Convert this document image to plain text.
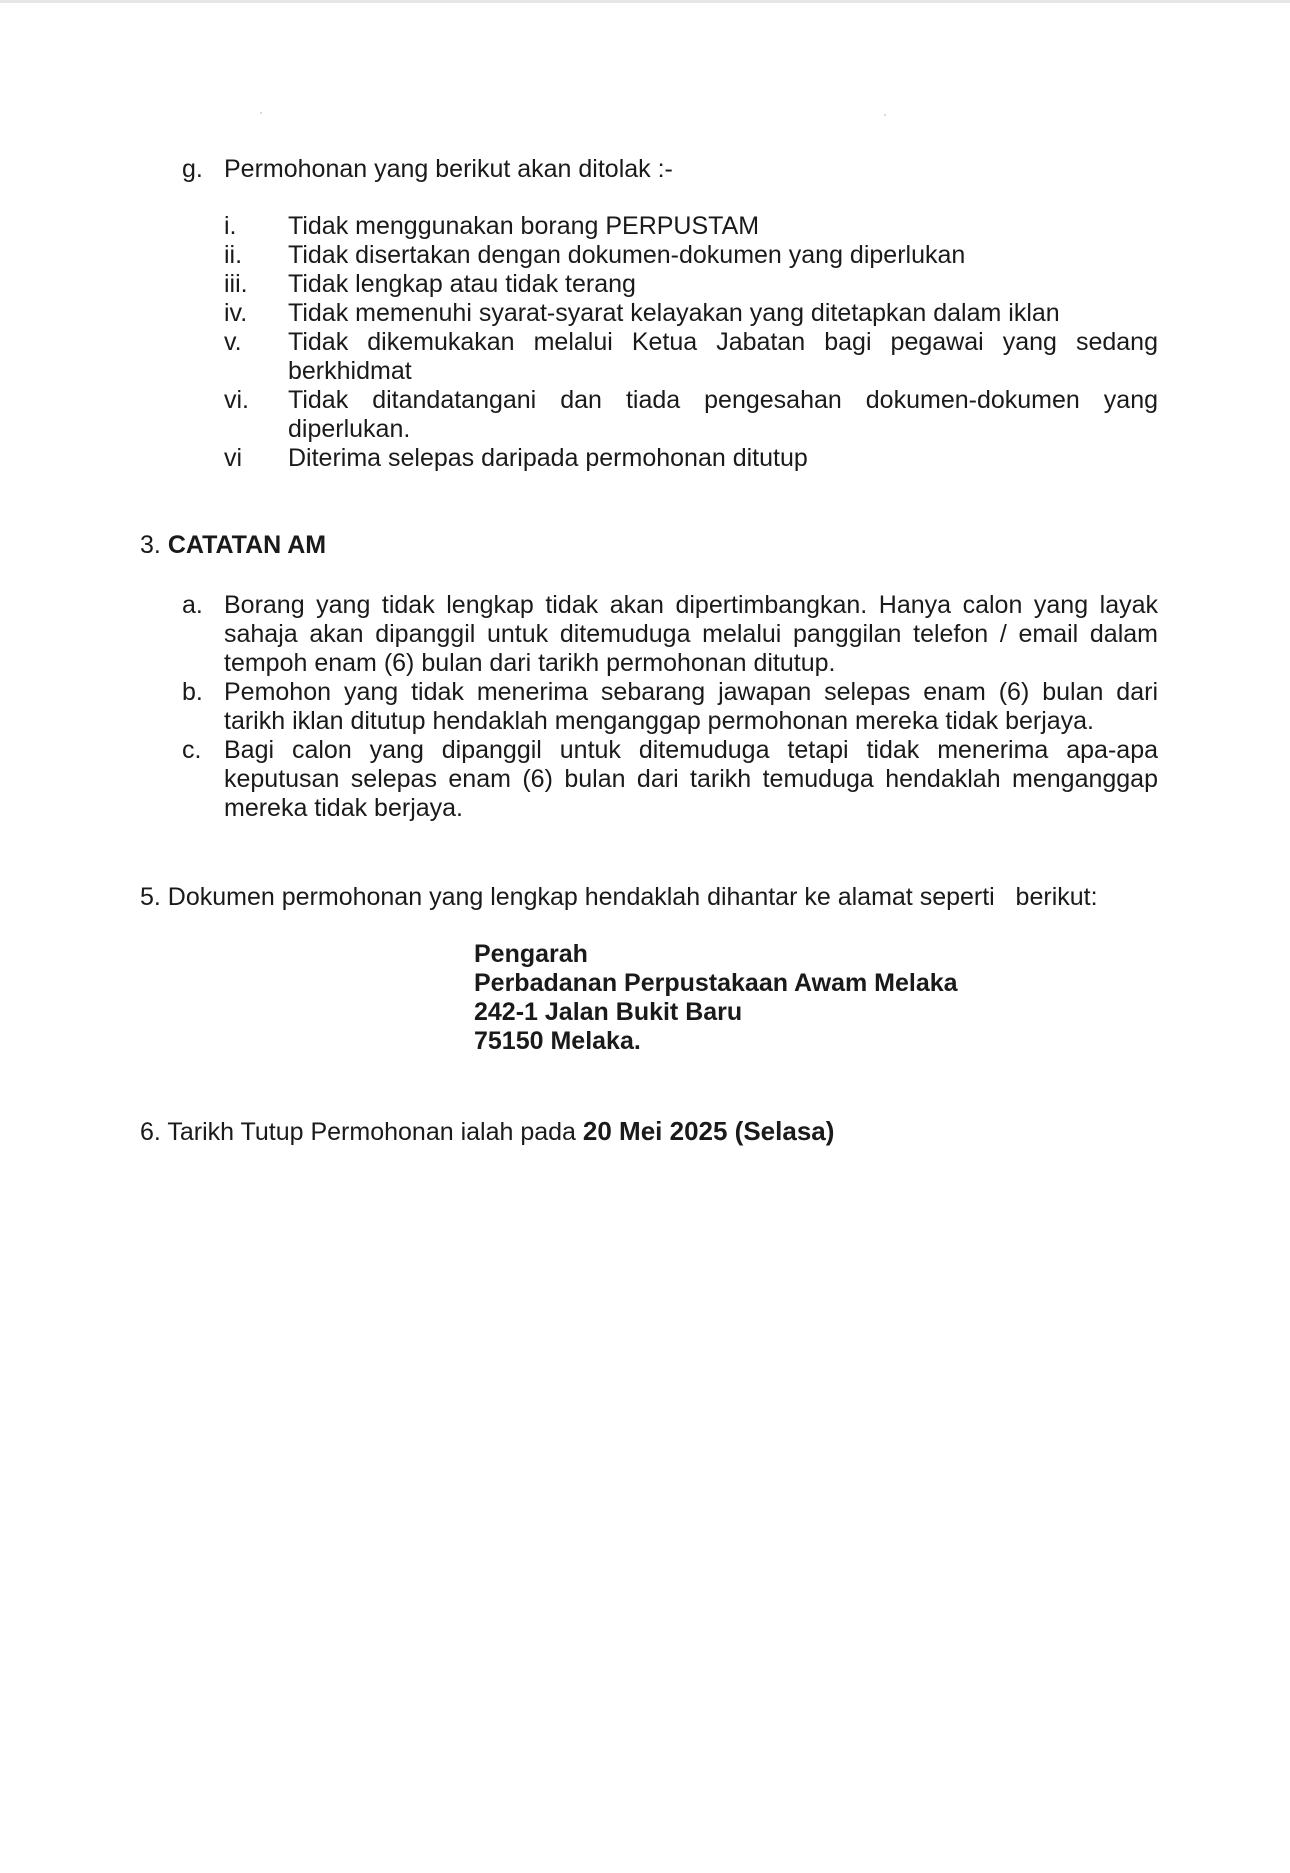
g. Permohonan yang berikut akan ditolak :-
i. Tidak menggunakan borang PERPUSTAM
ii. Tidak disertakan dengan dokumen-dokumen yang diperlukan
iii. Tidak lengkap atau tidak terang
iv. Tidak memenuhi syarat-syarat kelayakan yang ditetapkan dalam iklan
v. Tidak dikemukakan melalui Ketua Jabatan bagi pegawai yang sedang berkhidmat
vi. Tidak ditandatangani dan tiada pengesahan dokumen-dokumen yang diperlukan.
vi Diterima selepas daripada permohonan ditutup
3. CATATAN AM
a. Borang yang tidak lengkap tidak akan dipertimbangkan. Hanya calon yang layak sahaja akan dipanggil untuk ditemuduga melalui panggilan telefon / email dalam tempoh enam (6) bulan dari tarikh permohonan ditutup.
b. Pemohon yang tidak menerima sebarang jawapan selepas enam (6) bulan dari tarikh iklan ditutup hendaklah menganggap permohonan mereka tidak berjaya.
c. Bagi calon yang dipanggil untuk ditemuduga tetapi tidak menerima apa-apa keputusan selepas enam (6) bulan dari tarikh temuduga hendaklah menganggap mereka tidak berjaya.
5. Dokumen permohonan yang lengkap hendaklah dihantar ke alamat seperti   berikut:
Pengarah
Perbadanan Perpustakaan Awam Melaka
242-1 Jalan Bukit Baru
75150 Melaka.
6. Tarikh Tutup Permohonan ialah pada 20 Mei 2025 (Selasa)
